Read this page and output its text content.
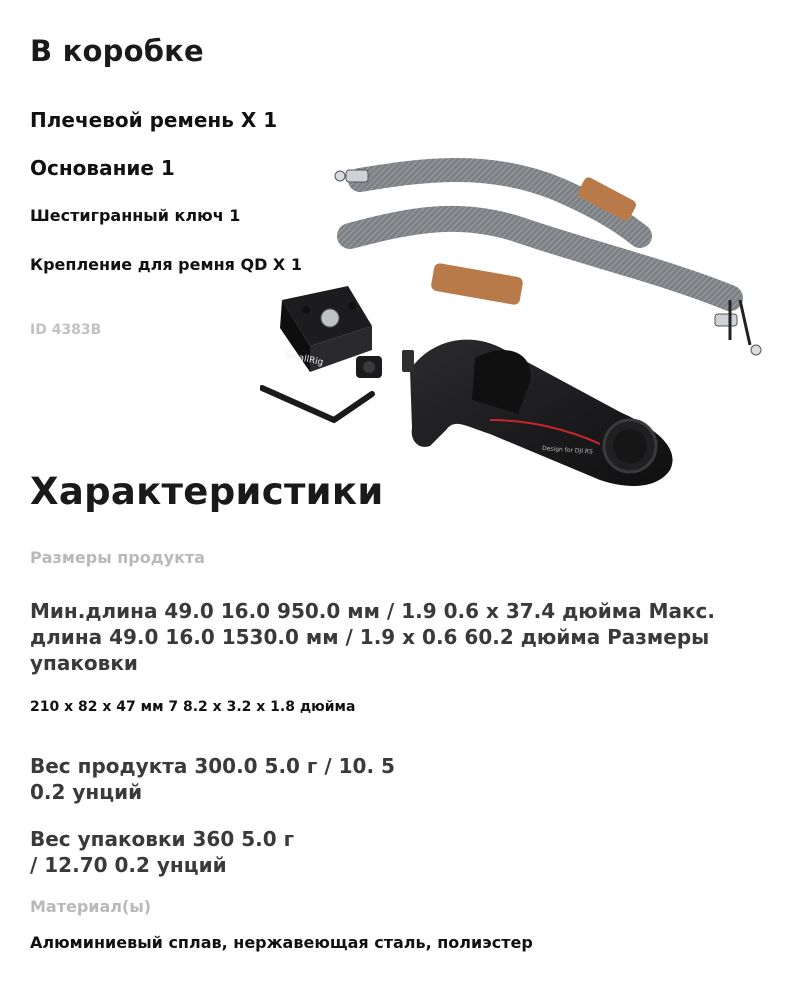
В коробке
Плечевой ремень X 1
Основание 1
Шестигранный ключ 1
Крепление для ремня QD X 1
ID 4383B
SmallRig
Design for DJI RS
Характеристики
Размеры продукта
Мин.длина 49.0 16.0 950.0 мм / 1.9 0.6 x 37.4 дюйма Макс. длина 49.0 16.0 1530.0 мм / 1.9 x 0.6 60.2 дюйма Размеры упаковки
210 x 82 x 47 мм 7 8.2 x 3.2 x 1.8 дюйма
Вес продукта 300.0 5.0 г / 10. 5 0.2 унций
Вес упаковки 360 5.0 г / 12.70 0.2 унций
Материал(ы)
Алюминиевый сплав, нержавеющая сталь, полиэстер
